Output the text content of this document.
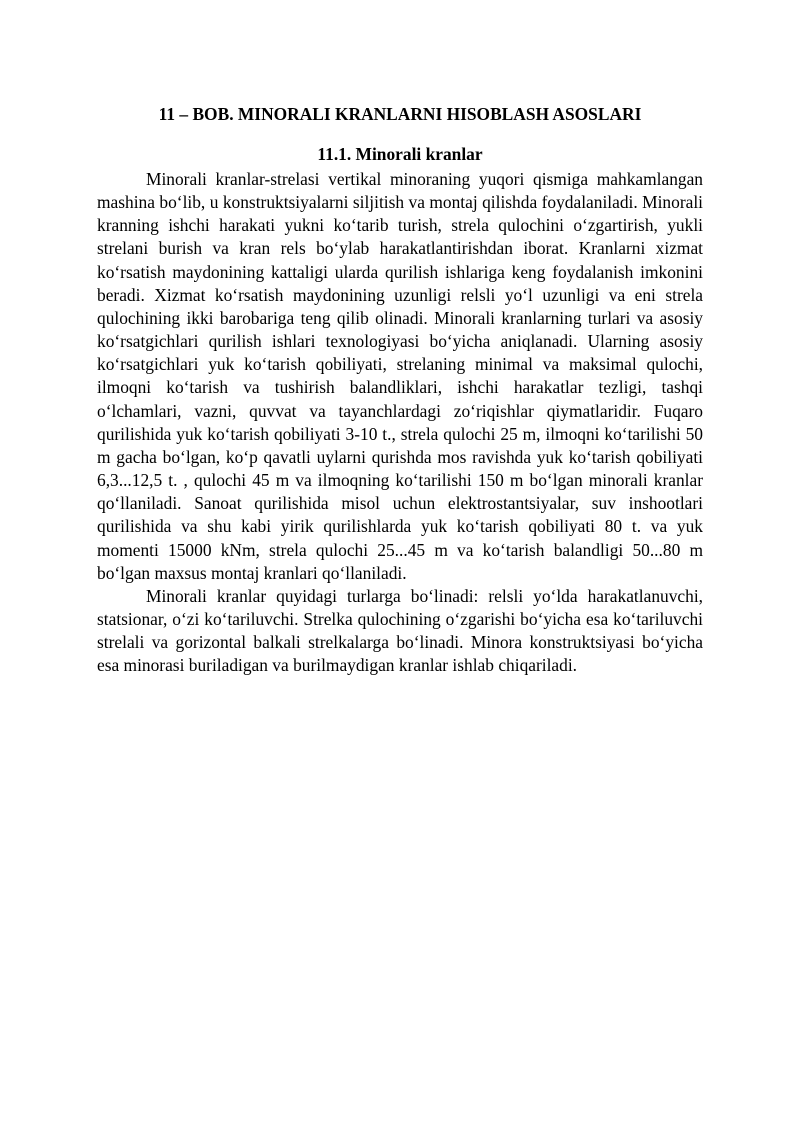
11 – BOB. MINORALI KRANLARNI HISOBLASH ASOSLARI
11.1. Minorali kranlar

Minorali kranlar-strelasi vertikal minoraning yuqori qismiga mahkamlangan mashina boʻlib, u konstruktsiyalarni siljitish va montaj qilishda foydalaniladi. Minorali kranning ishchi harakati yukni koʻtarib turish, strela qulochini oʻzgartirish, yukli strelani burish va kran rels boʻylab harakatlantirishdan iborat. Kranlarni xizmat koʻrsatish maydonining kattaligi ularda qurilish ishlariga keng foydalanish imkonini beradi. Xizmat koʻrsatish maydonining uzunligi relsli yoʻl uzunligi va eni strela qulochining ikki barobariga teng qilib olinadi. Minorali kranlarning turlari va asosiy koʻrsatgichlari qurilish ishlari texnologiyasi boʻyicha aniqlanadi. Ularning asosiy koʻrsatgichlari yuk koʻtarish qobiliyati, strelaning minimal va maksimal qulochi, ilmoqni koʻtarish va tushirish balandliklari, ishchi harakatlar tezligi, tashqi oʻlchamlari, vazni, quvvat va tayanchlardagi zoʻriqishlar qiymatlaridir. Fuqaro qurilishida yuk koʻtarish qobiliyati 3-10 t., strela qulochi 25 m, ilmoqni koʻtarilishi 50 m gacha boʻlgan, koʻp qavatli uylarni qurishda mos ravishda yuk koʻtarish qobiliyati 6,3...12,5 t. , qulochi 45 m va ilmoqning koʻtarilishi 150 m boʻlgan minorali kranlar qoʻllaniladi. Sanoat qurilishida misol uchun elektrostantsiyalar, suv inshootlari qurilishida va shu kabi yirik qurilishlarda yuk koʻtarish qobiliyati 80 t. va yuk momenti 15000 kNm, strela qulochi 25...45 m va koʻtarish balandligi 50...80 m boʻlgan maxsus montaj kranlari qoʻllaniladi.

Minorali kranlar quyidagi turlarga boʻlinadi: relsli yoʻlda harakatlanuvchi, statsionar, oʻzi koʻtariluvchi. Strelka qulochining oʻzgarishi boʻyicha esa koʻtariluvchi strelali va gorizontal balkali strelkalarga boʻlinadi. Minora konstruktsiyasi boʻyicha esa minorasi buriladigan va burilmaydigan kranlar ishlab chiqariladi.
